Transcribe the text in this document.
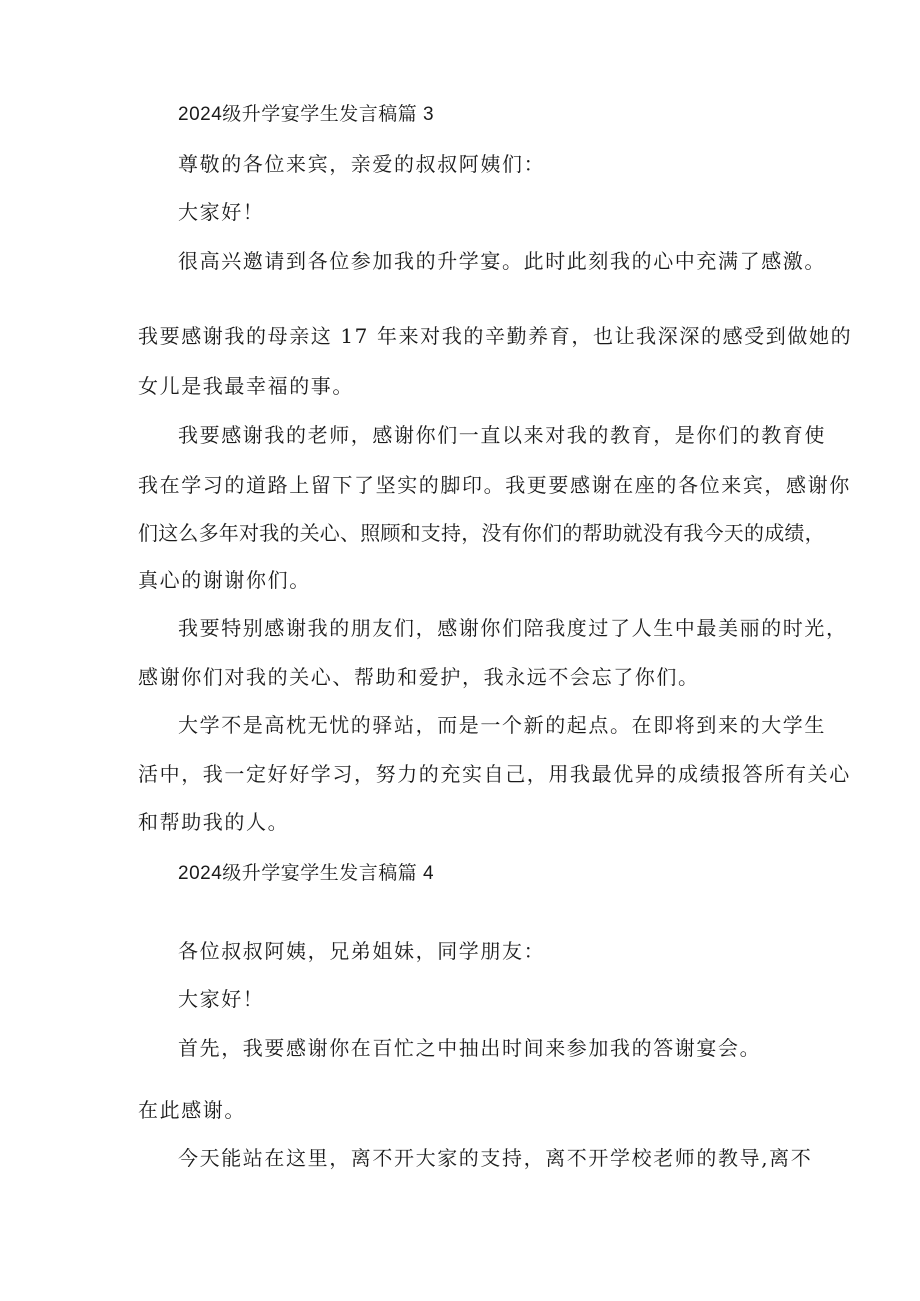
2024级升学宴学生发言稿篇 3
尊敬的各位来宾，亲爱的叔叔阿姨们：
大家好！
很高兴邀请到各位参加我的升学宴。此时此刻我的心中充满了感激。
我要感谢我的母亲这 17 年来对我的辛勤养育，也让我深深的感受到做她的
女儿是我最幸福的事。
我要感谢我的老师，感谢你们一直以来对我的教育，是你们的教育使
我在学习的道路上留下了坚实的脚印。我更要感谢在座的各位来宾，感谢你
们这么多年对我的关心、照顾和支持，没有你们的帮助就没有我今天的成绩，
真心的谢谢你们。
我要特别感谢我的朋友们，感谢你们陪我度过了人生中最美丽的时光，
感谢你们对我的关心、帮助和爱护，我永远不会忘了你们。
大学不是高枕无忧的驿站，而是一个新的起点。在即将到来的大学生
活中，我一定好好学习，努力的充实自己，用我最优异的成绩报答所有关心
和帮助我的人。
2024级升学宴学生发言稿篇 4
各位叔叔阿姨，兄弟姐妹，同学朋友：
大家好！
首先，我要感谢你在百忙之中抽出时间来参加我的答谢宴会。
在此感谢。
今天能站在这里，离不开大家的支持，离不开学校老师的教导,离不
